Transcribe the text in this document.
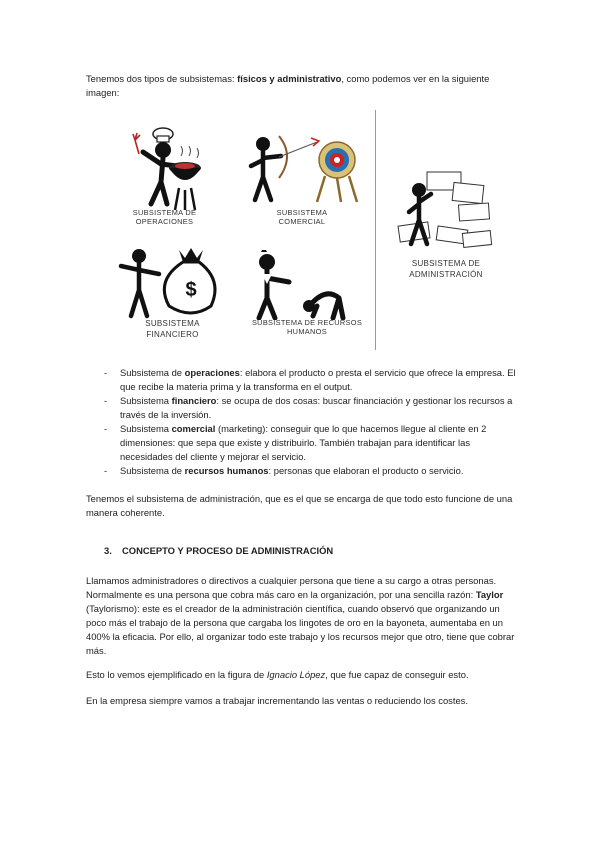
Tenemos dos tipos de subsistemas: físicos y administrativo, como podemos ver en la siguiente imagen:

SUBSISTEMA DE
OPERACIONES
SUBSISTEMA
COMERCIAL
$
SUBSISTEMA
FINANCIERO
SUBSISTEMA DE RECURSOS
HUMANOS
SUBSISTEMA DE
ADMINISTRACIÓN
- Subsistema de operaciones: elabora el producto o presta el servicio que ofrece la empresa. El que recibe la materia prima y la transforma en el output.
- Subsistema financiero: se ocupa de dos cosas: buscar financiación y gestionar los recursos a través de la inversión.
- Subsistema comercial (marketing): conseguir que lo que hacemos llegue al cliente en 2 dimensiones: que sepa que existe y distribuirlo. También trabajan para identificar las necesidades del cliente y mejorar el servicio.
- Subsistema de recursos humanos: personas que elaboran el producto o servicio.

Tenemos el subsistema de administración, que es el que se encarga de que todo esto funcione de una manera coherente.

3. CONCEPTO Y PROCESO DE ADMINISTRACIÓN

Llamamos administradores o directivos a cualquier persona que tiene a su cargo a otras personas. Normalmente es una persona que cobra más caro en la organización, por una sencilla razón: Taylor (Taylorismo): este es el creador de la administración científica, cuando observó que organizando un poco más el trabajo de la persona que cargaba los lingotes de oro en la bayoneta, aumentaba en un 400% la eficacia. Por ello, al organizar todo este trabajo y los recursos mejor que otro, tiene que cobrar más.

Esto lo vemos ejemplificado en la figura de Ignacio López, que fue capaz de conseguir esto.

En la empresa siempre vamos a trabajar incrementando las ventas o reduciendo los costes.
